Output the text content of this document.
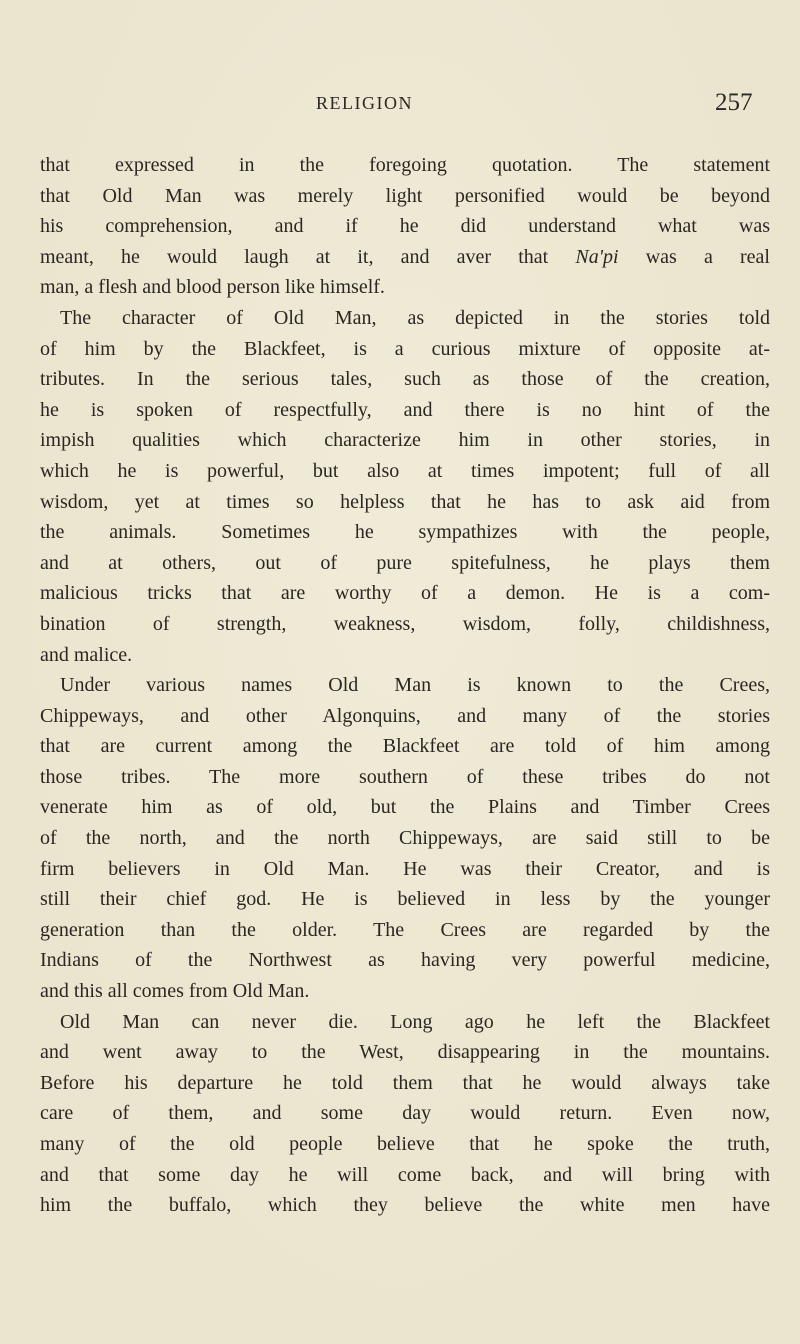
RELIGION	257
that expressed in the foregoing quotation. The statement
that Old Man was merely light personified would be beyond
his comprehension, and if he did understand what was
meant, he would laugh at it, and aver that Na'pi was a real
man, a flesh and blood person like himself.
The character of Old Man, as depicted in the stories told
of him by the Blackfeet, is a curious mixture of opposite at-
tributes. In the serious tales, such as those of the creation,
he is spoken of respectfully, and there is no hint of the
impish qualities which characterize him in other stories, in
which he is powerful, but also at times impotent; full of all
wisdom, yet at times so helpless that he has to ask aid from
the animals. Sometimes he sympathizes with the people,
and at others, out of pure spitefulness, he plays them
malicious tricks that are worthy of a demon. He is a com-
bination of strength, weakness, wisdom, folly, childishness,
and malice.
Under various names Old Man is known to the Crees,
Chippeways, and other Algonquins, and many of the stories
that are current among the Blackfeet are told of him among
those tribes. The more southern of these tribes do not
venerate him as of old, but the Plains and Timber Crees
of the north, and the north Chippeways, are said still to be
firm believers in Old Man. He was their Creator, and is
still their chief god. He is believed in less by the younger
generation than the older. The Crees are regarded by the
Indians of the Northwest as having very powerful medicine,
and this all comes from Old Man.
Old Man can never die. Long ago he left the Blackfeet
and went away to the West, disappearing in the mountains.
Before his departure he told them that he would always take
care of them, and some day would return. Even now,
many of the old people believe that he spoke the truth,
and that some day he will come back, and will bring with
him the buffalo, which they believe the white men have
